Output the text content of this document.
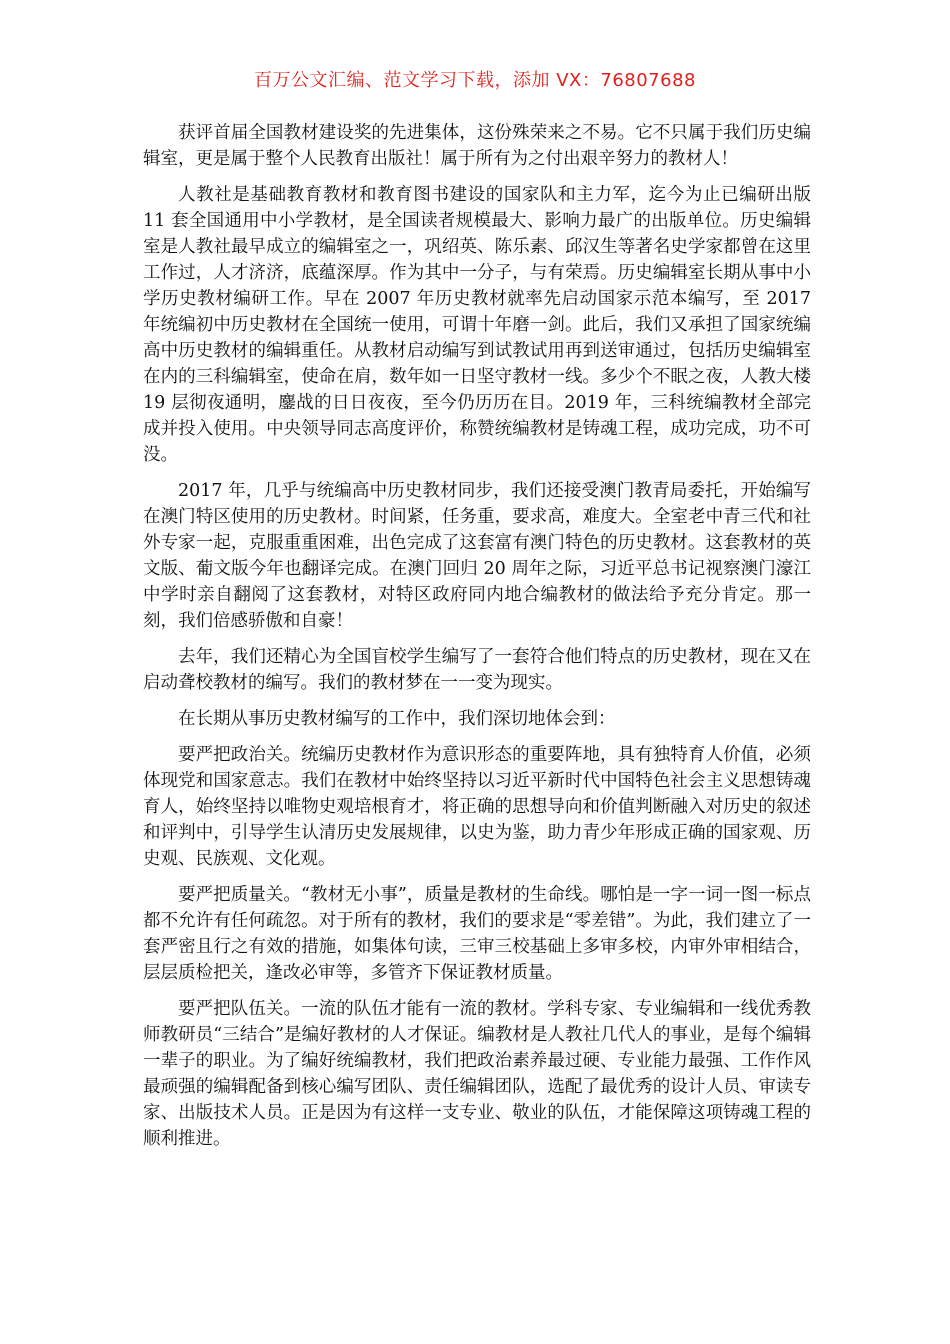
百万公文汇编、范文学习下载，添加 VX：76807688

获评首届全国教材建设奖的先进集体，这份殊荣来之不易。它不只属于我们历史编辑室，更是属于整个人民教育出版社！属于所有为之付出艰辛努力的教材人！

人教社是基础教育教材和教育图书建设的国家队和主力军，迄今为止已编研出版 11 套全国通用中小学教材，是全国读者规模最大、影响力最广的出版单位。历史编辑室是人教社最早成立的编辑室之一，巩绍英、陈乐素、邱汉生等著名史学家都曾在这里工作过，人才济济，底蕴深厚。作为其中一分子，与有荣焉。历史编辑室长期从事中小学历史教材编研工作。早在 2007 年历史教材就率先启动国家示范本编写，至 2017 年统编初中历史教材在全国统一使用，可谓十年磨一剑。此后，我们又承担了国家统编高中历史教材的编辑重任。从教材启动编写到试教试用再到送审通过，包括历史编辑室在内的三科编辑室，使命在肩，数年如一日坚守教材一线。多少个不眠之夜，人教大楼 19 层彻夜通明，鏖战的日日夜夜，至今仍历历在目。2019 年，三科统编教材全部完成并投入使用。中央领导同志高度评价，称赞统编教材是铸魂工程，成功完成，功不可没。

2017 年，几乎与统编高中历史教材同步，我们还接受澳门教青局委托，开始编写在澳门特区使用的历史教材。时间紧，任务重，要求高，难度大。全室老中青三代和社外专家一起，克服重重困难，出色完成了这套富有澳门特色的历史教材。这套教材的英文版、葡文版今年也翻译完成。在澳门回归 20 周年之际，习近平总书记视察澳门濠江中学时亲自翻阅了这套教材，对特区政府同内地合编教材的做法给予充分肯定。那一刻，我们倍感骄傲和自豪！

去年，我们还精心为全国盲校学生编写了一套符合他们特点的历史教材，现在又在启动聋校教材的编写。我们的教材梦在一一变为现实。

在长期从事历史教材编写的工作中，我们深切地体会到：

要严把政治关。统编历史教材作为意识形态的重要阵地，具有独特育人价值，必须体现党和国家意志。我们在教材中始终坚持以习近平新时代中国特色社会主义思想铸魂育人，始终坚持以唯物史观培根育才，将正确的思想导向和价值判断融入对历史的叙述和评判中，引导学生认清历史发展规律，以史为鉴，助力青少年形成正确的国家观、历史观、民族观、文化观。

要严把质量关。“教材无小事”，质量是教材的生命线。哪怕是一字一词一图一标点都不允许有任何疏忽。对于所有的教材，我们的要求是“零差错”。为此，我们建立了一套严密且行之有效的措施，如集体句读，三审三校基础上多审多校，内审外审相结合，层层质检把关，逢改必审等，多管齐下保证教材质量。

要严把队伍关。一流的队伍才能有一流的教材。学科专家、专业编辑和一线优秀教师教研员“三结合”是编好教材的人才保证。编教材是人教社几代人的事业，是每个编辑一辈子的职业。为了编好统编教材，我们把政治素养最过硬、专业能力最强、工作作风最顽强的编辑配备到核心编写团队、责任编辑团队，选配了最优秀的设计人员、审读专家、出版技术人员。正是因为有这样一支专业、敬业的队伍，才能保障这项铸魂工程的顺利推进。
